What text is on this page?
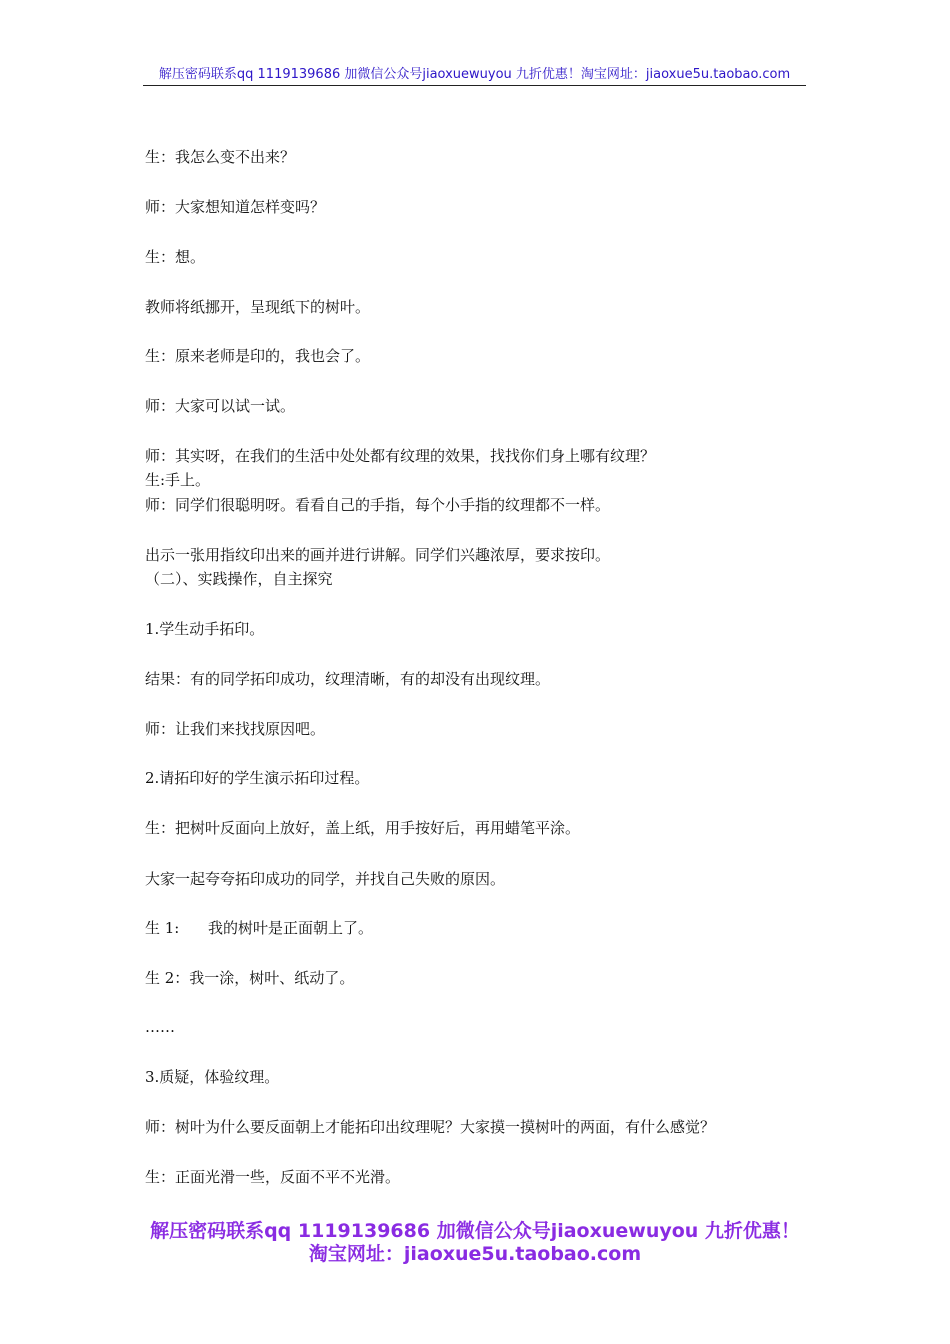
解压密码联系qq 1119139686 加微信公众号jiaoxuewuyou 九折优惠！淘宝网址：jiaoxue5u.taobao.com

生：我怎么变不出来？

师：大家想知道怎样变吗？

生：想。

教师将纸挪开，呈现纸下的树叶。

生：原来老师是印的，我也会了。

师：大家可以试一试。

师：其实呀，在我们的生活中处处都有纹理的效果，找找你们身上哪有纹理？

生:手上。

师：同学们很聪明呀。看看自己的手指，每个小手指的纹理都不一样。

出示一张用指纹印出来的画并进行讲解。同学们兴趣浓厚，要求按印。

（二）、实践操作，自主探究

1.学生动手拓印。

结果：有的同学拓印成功，纹理清晰，有的却没有出现纹理。

师：让我们来找找原因吧。

2.请拓印好的学生演示拓印过程。

生：把树叶反面向上放好，盖上纸，用手按好后，再用蜡笔平涂。

大家一起夸夸拓印成功的同学，并找自己失败的原因。

生 1:      我的树叶是正面朝上了。

生 2：我一涂，树叶、纸动了。

……

3.质疑，体验纹理。

师：树叶为什么要反面朝上才能拓印出纹理呢？大家摸一摸树叶的两面，有什么感觉？

生：正面光滑一些，反面不平不光滑。

解压密码联系qq 1119139686 加微信公众号jiaoxuewuyou 九折优惠！
淘宝网址：jiaoxue5u.taobao.com
